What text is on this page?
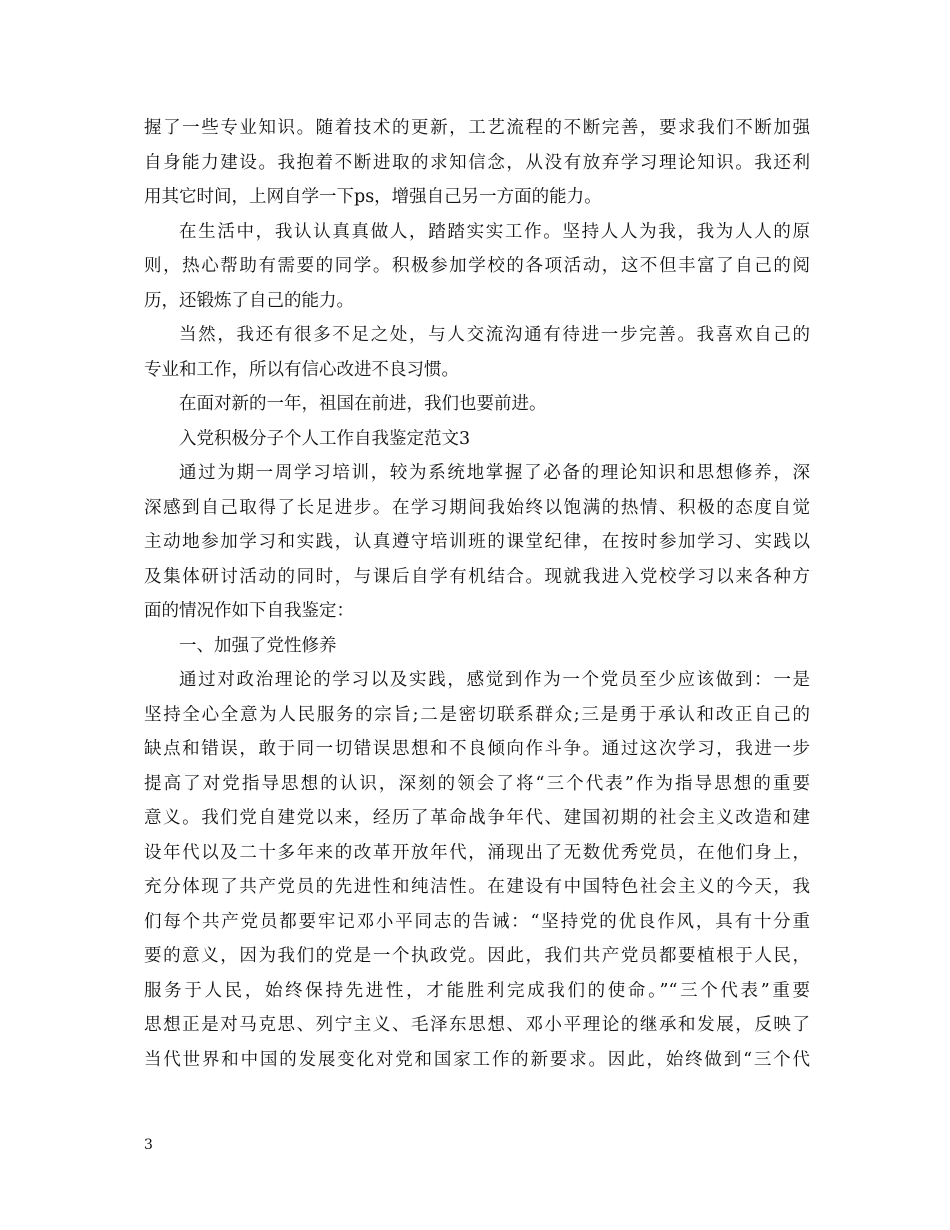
握了一些专业知识。随着技术的更新，工艺流程的不断完善，要求我们不断加强
自身能力建设。我抱着不断进取的求知信念，从没有放弃学习理论知识。我还利
用其它时间，上网自学一下ps，增强自己另一方面的能力。
在生活中，我认认真真做人，踏踏实实工作。坚持人人为我，我为人人的原
则，热心帮助有需要的同学。积极参加学校的各项活动，这不但丰富了自己的阅
历，还锻炼了自己的能力。
当然，我还有很多不足之处，与人交流沟通有待进一步完善。我喜欢自己的
专业和工作，所以有信心改进不良习惯。
在面对新的一年，祖国在前进，我们也要前进。
入党积极分子个人工作自我鉴定范文3
通过为期一周学习培训，较为系统地掌握了必备的理论知识和思想修养，深
深感到自己取得了长足进步。在学习期间我始终以饱满的热情、积极的态度自觉
主动地参加学习和实践，认真遵守培训班的课堂纪律，在按时参加学习、实践以
及集体研讨活动的同时，与课后自学有机结合。现就我进入党校学习以来各种方
面的情况作如下自我鉴定：
一、加强了党性修养
通过对政治理论的学习以及实践，感觉到作为一个党员至少应该做到：一是
坚持全心全意为人民服务的宗旨;二是密切联系群众;三是勇于承认和改正自己的
缺点和错误，敢于同一切错误思想和不良倾向作斗争。通过这次学习，我进一步
提高了对党指导思想的认识，深刻的领会了将“三个代表”作为指导思想的重要
意义。我们党自建党以来，经历了革命战争年代、建国初期的社会主义改造和建
设年代以及二十多年来的改革开放年代，涌现出了无数优秀党员，在他们身上，
充分体现了共产党员的先进性和纯洁性。在建设有中国特色社会主义的今天，我
们每个共产党员都要牢记邓小平同志的告诫：“坚持党的优良作风，具有十分重
要的意义，因为我们的党是一个执政党。因此，我们共产党员都要植根于人民，
服务于人民，始终保持先进性，才能胜利完成我们的使命。”“三个代表”重要
思想正是对马克思、列宁主义、毛泽东思想、邓小平理论的继承和发展，反映了
当代世界和中国的发展变化对党和国家工作的新要求。因此，始终做到“三个代
3
